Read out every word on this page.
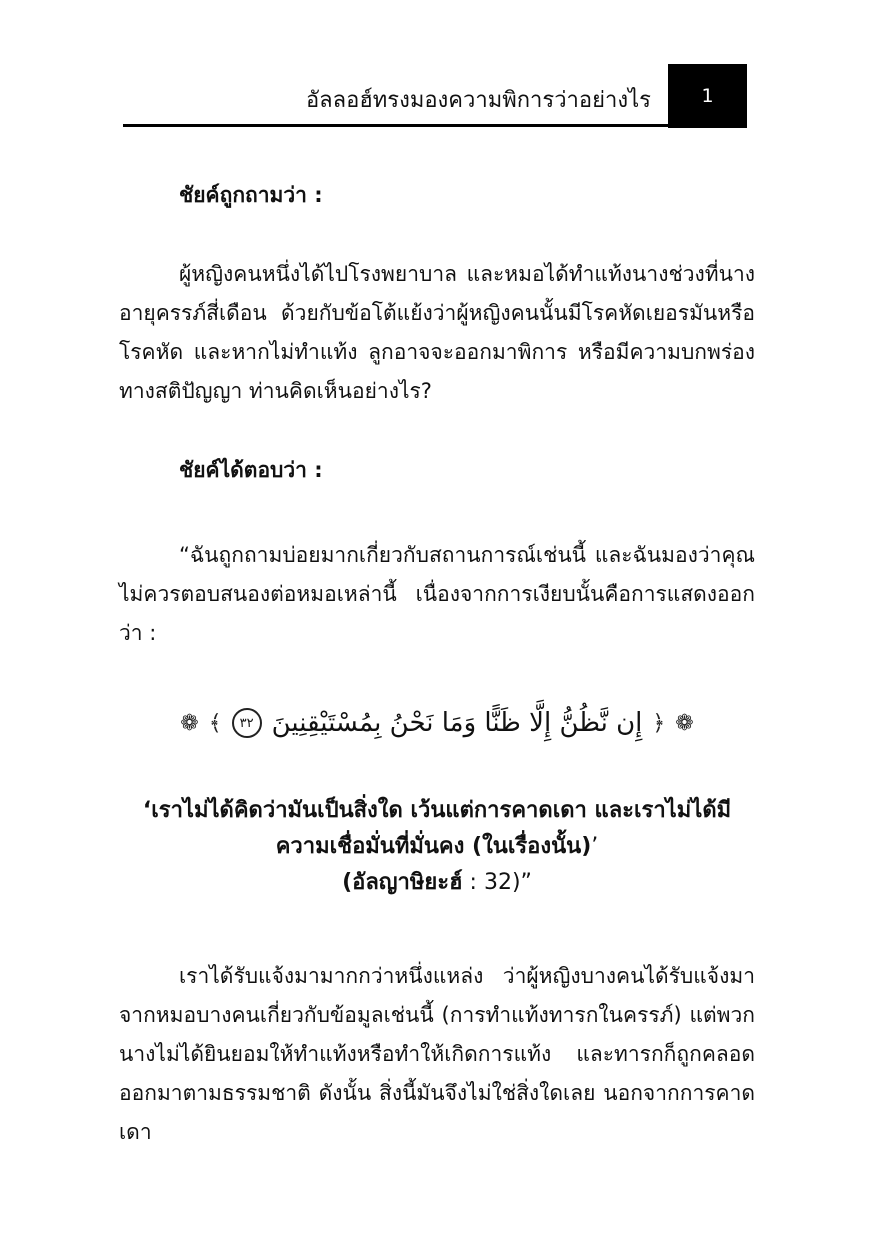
อัลลอฮ์ทรงมองความพิการว่าอย่างไร	1

ชัยค์ถูกถามว่า :

ผู้หญิงคนหนึ่งได้ไปโรงพยาบาล และหมอได้ทำแท้งนางช่วงที่นางอายุครรภ์สี่เดือน ด้วยกับข้อโต้แย้งว่าผู้หญิงคนนั้นมีโรคหัดเยอรมันหรือโรคหัด และหากไม่ทำแท้ง ลูกอาจจะออกมาพิการ หรือมีความบกพร่องทางสติปัญญา ท่านคิดเห็นอย่างไร?

ชัยค์ได้ตอบว่า :

“ฉันถูกถามบ่อยมากเกี่ยวกับสถานการณ์เช่นนี้ และฉันมองว่าคุณไม่ควรตอบสนองต่อหมอเหล่านี้ เนื่องจากการเงียบนั้นคือการแสดงออกว่า :

❁ ﴾	٣٢ إِن نَّظُنُّ إِلَّا ظَنًّا وَمَا نَحْنُ بِمُسْتَيْقِنِينَ ﴿ ❁

‘เราไม่ได้คิดว่ามันเป็นสิ่งใด เว้นแต่การคาดเดา และเราไม่ได้มี

ความเชื่อมั่นที่มั่นคง (ในเรื่องนั้น)’

(อัลญาษิยะฮ์ : 32)”

เราได้รับแจ้งมามากกว่าหนึ่งแหล่ง ว่าผู้หญิงบางคนได้รับแจ้งมาจากหมอบางคนเกี่ยวกับข้อมูลเช่นนี้ (การทำแท้งทารกในครรภ์) แต่พวกนางไม่ได้ยินยอมให้ทำแท้งหรือทำให้เกิดการแท้ง และทารกก็ถูกคลอดออกมาตามธรรมชาติ ดังนั้น สิ่งนี้มันจึงไม่ใช่สิ่งใดเลย นอกจากการคาดเดา
